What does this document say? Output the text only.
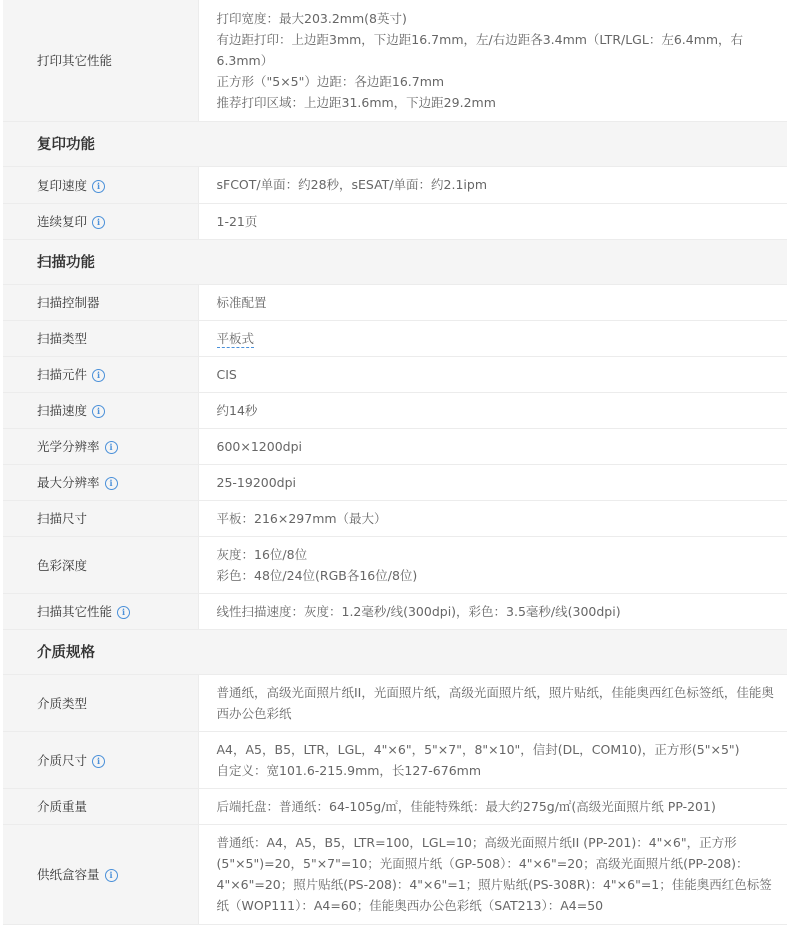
打印其它性能	打印宽度：最大203.2mm(8英寸)
有边距打印：上边距3mm，下边距16.7mm，左/右边距各3.4mm（LTR/LGL：左6.4mm，右6.3mm）
正方形（"5×5"）边距：各边距16.7mm
推荐打印区域：上边距31.6mm，下边距29.2mm

复印功能	
复印速度 i	sFCOT/单面：约28秒，sESAT/单面：约2.1ipm
连续复印 i	1-21页
扫描功能	
扫描控制器	标准配置
扫描类型	平板式
扫描元件 i	CIS
扫描速度 i	约14秒
光学分辨率 i	600×1200dpi
最大分辨率 i	25-19200dpi
扫描尺寸	平板：216×297mm（最大）
色彩深度	灰度：16位/8位
彩色：48位/24位(RGB各16位/8位)

扫描其它性能 i	线性扫描速度：灰度：1.2毫秒/线(300dpi)，彩色：3.5毫秒/线(300dpi)
介质规格	
介质类型	普通纸，高级光面照片纸II，光面照片纸，高级光面照片纸，照片贴纸，佳能奥西红色标签纸，佳能奥西办公色彩纸
介质尺寸 i	A4，A5，B5，LTR，LGL，4"×6"，5"×7"，8"×10"，信封(DL，COM10)，正方形(5"×5")
自定义：宽101.6-215.9mm，长127-676mm

介质重量	后端托盘：普通纸：64-105g/㎡，佳能特殊纸：最大约275g/㎡(高级光面照片纸 PP-201)
供纸盒容量 i	普通纸：A4，A5，B5，LTR=100，LGL=10；高级光面照片纸II (PP-201)：4"×6"，正方形(5"×5")=20，5"×7"=10；光面照片纸（GP-508）：4"×6"=20；高级光面照片纸(PP-208)：4"×6"=20；照片贴纸(PS-208)：4"×6"=1；照片贴纸(PS-308R)：4"×6"=1；佳能奥西红色标签纸（WOP111）：A4=60；佳能奥西办公色彩纸（SAT213）：A4=50
